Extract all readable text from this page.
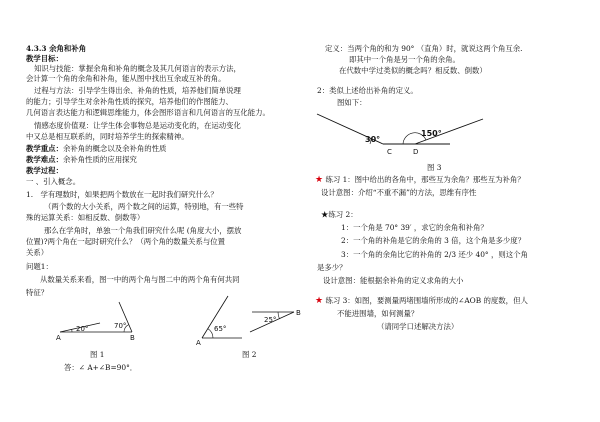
4.3.3 余角和补角
教学目标：
知识与技能：掌握余角和补角的概念及其几何语言的表示方法，
会计算一个角的余角和补角，能从图中找出互余或互补的角。
过程与方法：引导学生得出余、补角的性质，培养他们简单说理
的能力；引导学生对余补角性质的探究，培养他们的作图能力、
几何语言表达能力和逻辑思维能力，体会图形语言和几何语言的互化能力。
情感态度价值观：让学生体会事物总是运动变化的，在运动变化
中又总是相互联系的，同时培养学生的探索精神。
教学重点：余补角的概念以及余补角的性质
教学难点：余补角性质的应用探究
教学过程：
一 、引入概念。
1.　学有理数时，如果把两个数放在一起时我们研究什么？
（两个数的大小关系，两个数之间的运算，特别地，有一些特
殊的运算关系：如相反数、倒数等）
那么在学角时，单独一个角我们研究什么呢 (角度大小，摆放
位置)?两个角在一起时研究什么？（两个角的数量关系与位置
关系）
问题1：
从数量关系来看，图一中的两个角与图二中的两个角有何共同
特征？
20°	70°
A	B
65°
25°
A
B
图 1	图 2
答：∠ A+∠B=90°．
定义：当两个角的和为 90° （直角）时，就说这两个角互余.
即其中一个角是另一个角的余角。
在代数中学过类似的概念吗？相反数、倒数）
2：类似上述给出补角的定义。
图如下：
30°
150°
C	D
图 3
★ 练习 1：图中给出的各角中，那些互为余角？那些互为补角？
设计意图：介绍“不重不漏”的方法，思维有序性
★练习 2：
1：一个角是 70° 39′ ，求它的余角和补角？
2：一个角的补角是它的余角的 3 倍，这个角是多少度？
3：一个角的余角比它的补角的 2/3 还少 40° ，则这个角
是多少？
设计意图：能根据余补角的定义求角的大小
★ 练习 3：如图，要测量两堵围墙所形成的∠AOB 的度数，但人
不能进围墙，如何测量？
（请同学口述解决方法）
